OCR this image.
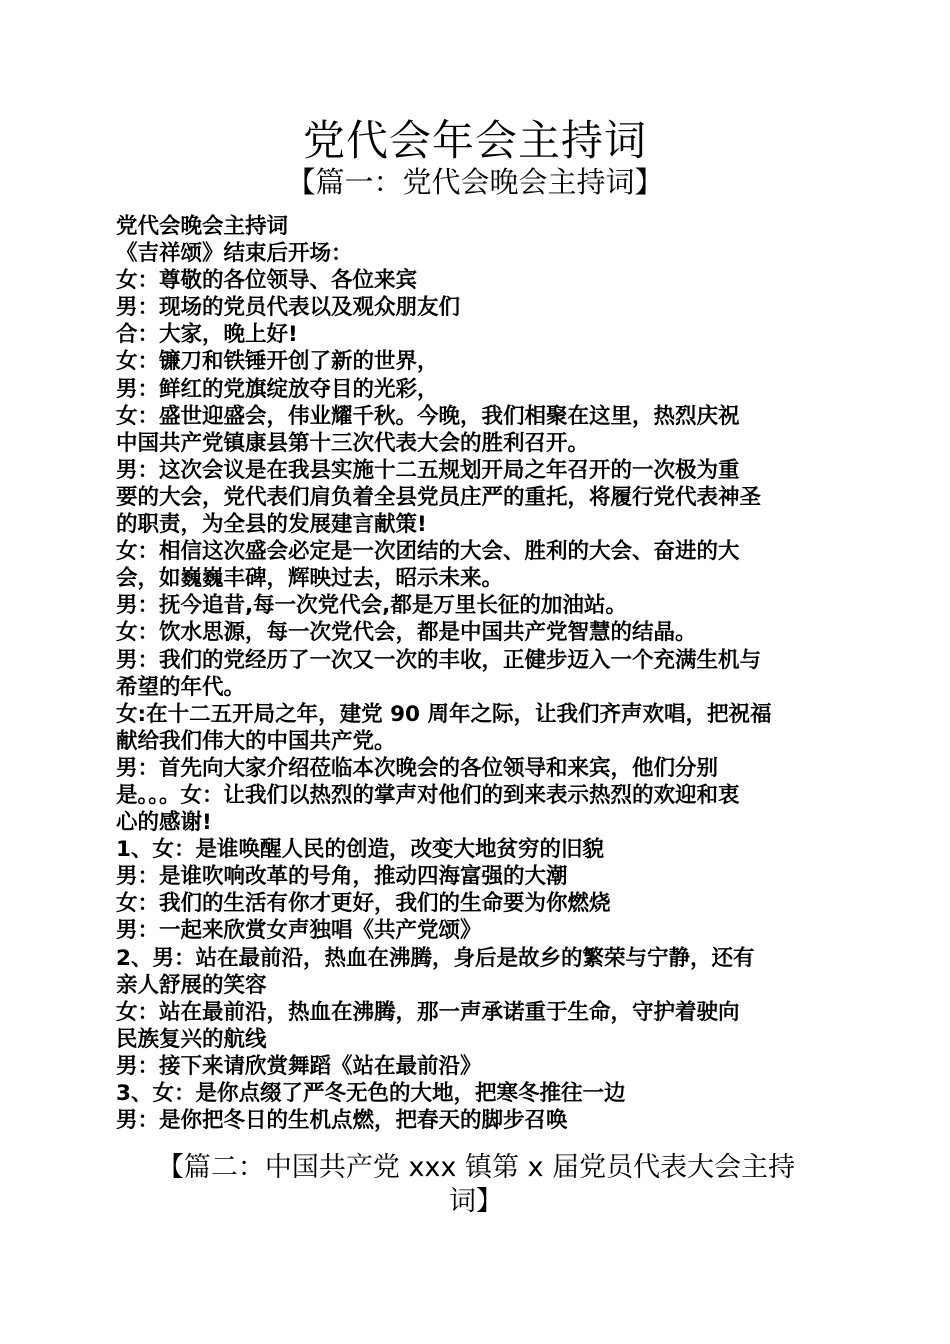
党代会年会主持词
【篇一：党代会晚会主持词】
党代会晚会主持词
《吉祥颂》结束后开场：
女：尊敬的各位领导、各位来宾
男：现场的党员代表以及观众朋友们
合：大家，晚上好!
女：镰刀和铁锤开创了新的世界，
男：鲜红的党旗绽放夺目的光彩，
女：盛世迎盛会，伟业耀千秋。今晚，我们相聚在这里，热烈庆祝
中国共产党镇康县第十三次代表大会的胜利召开。
男：这次会议是在我县实施十二五规划开局之年召开的一次极为重
要的大会，党代表们肩负着全县党员庄严的重托，将履行党代表神圣
的职责，为全县的发展建言献策!
女：相信这次盛会必定是一次团结的大会、胜利的大会、奋进的大
会，如巍巍丰碑，辉映过去，昭示未来。
男：抚今追昔,每一次党代会,都是万里长征的加油站。
女：饮水思源，每一次党代会，都是中国共产党智慧的结晶。
男：我们的党经历了一次又一次的丰收，正健步迈入一个充满生机与
希望的年代。
女:在十二五开局之年，建党 90 周年之际，让我们齐声欢唱，把祝福
献给我们伟大的中国共产党。
男：首先向大家介绍莅临本次晚会的各位领导和来宾，他们分别
是。。。女：让我们以热烈的掌声对他们的到来表示热烈的欢迎和衷
心的感谢!
1、女：是谁唤醒人民的创造，改变大地贫穷的旧貌
男：是谁吹响改革的号角，推动四海富强的大潮
女：我们的生活有你才更好，我们的生命要为你燃烧
男：一起来欣赏女声独唱《共产党颂》
2、男：站在最前沿，热血在沸腾，身后是故乡的繁荣与宁静，还有
亲人舒展的笑容
女：站在最前沿，热血在沸腾，那一声承诺重于生命，守护着驶向
民族复兴的航线
男：接下来请欣赏舞蹈《站在最前沿》
3、女：是你点缀了严冬无色的大地，把寒冬推往一边
男：是你把冬日的生机点燃，把春天的脚步召唤
【篇二：中国共产党 xxx 镇第 x 届党员代表大会主持
词】
